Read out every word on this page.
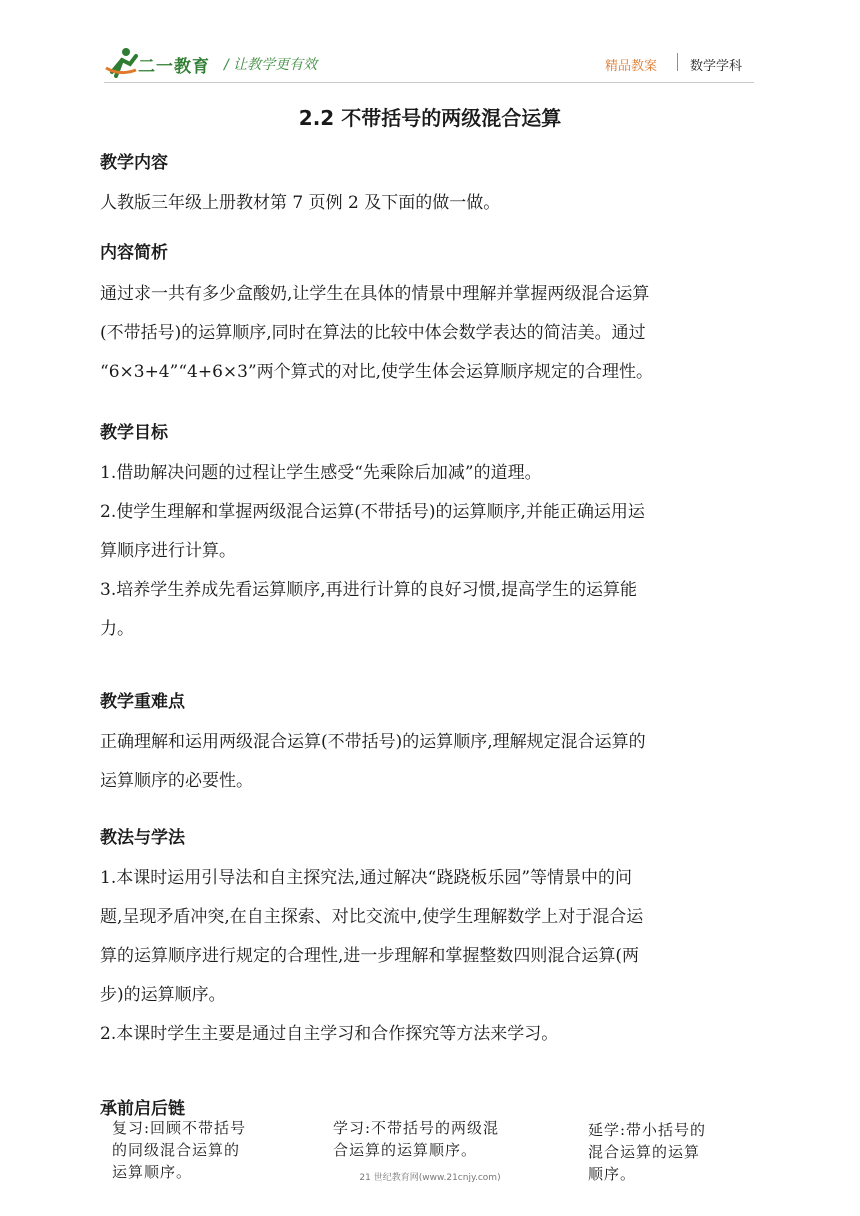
二一教育 / 让教学更有效	精品教案	数学学科
2.2 不带括号的两级混合运算
教学内容
人教版三年级上册教材第 7 页例 2 及下面的做一做。
内容简析
通过求一共有多少盒酸奶,让学生在具体的情景中理解并掌握两级混合运算
(不带括号)的运算顺序,同时在算法的比较中体会数学表达的简洁美。通过
“6×3+4”“4+6×3”两个算式的对比,使学生体会运算顺序规定的合理性。
教学目标
1.借助解决问题的过程让学生感受“先乘除后加减”的道理。
2.使学生理解和掌握两级混合运算(不带括号)的运算顺序,并能正确运用运
算顺序进行计算。
3.培养学生养成先看运算顺序,再进行计算的良好习惯,提高学生的运算能
力。
教学重难点
正确理解和运用两级混合运算(不带括号)的运算顺序,理解规定混合运算的
运算顺序的必要性。
教法与学法
1.本课时运用引导法和自主探究法,通过解决“跷跷板乐园”等情景中的问
题,呈现矛盾冲突,在自主探索、对比交流中,使学生理解数学上对于混合运
算的运算顺序进行规定的合理性,进一步理解和掌握整数四则混合运算(两
步)的运算顺序。
2.本课时学生主要是通过自主学习和合作探究等方法来学习。
承前启后链
复习:回顾不带括号
的同级混合运算的
运算顺序。
学习:不带括号的两级混
合运算的运算顺序。
延学:带小括号的
混合运算的运算
顺序。
21 世纪教育网(www.21cnjy.com)
